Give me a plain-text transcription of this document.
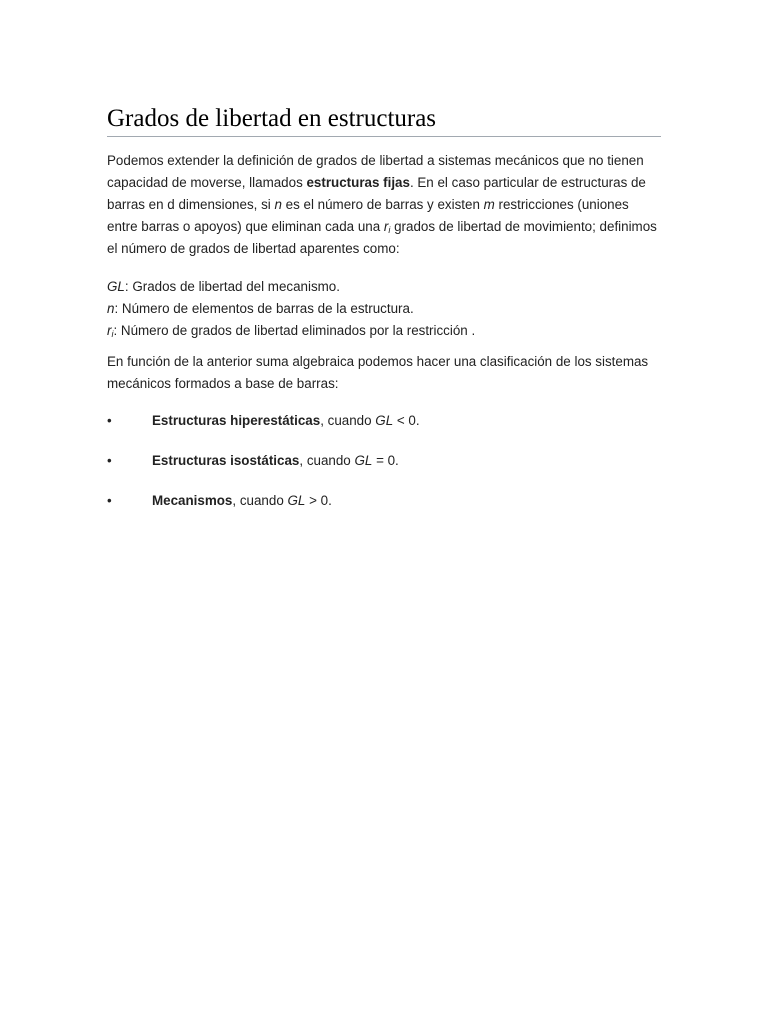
Grados de libertad en estructuras

Podemos extender la definición de grados de libertad a sistemas mecánicos que no tienen capacidad de moverse, llamados estructuras fijas. En el caso particular de estructuras de barras en d dimensiones, si n es el número de barras y existen m restricciones (uniones entre barras o apoyos) que eliminan cada una $r_i$ grados de libertad de movimiento; definimos el número de grados de libertad aparentes como:

GL: Grados de libertad del mecanismo.
n: Número de elementos de barras de la estructura.
$r_i$: Número de grados de libertad eliminados por la restricción .

En función de la anterior suma algebraica podemos hacer una clasificación de los sistemas mecánicos formados a base de barras:

•	Estructuras hiperestáticas, cuando GL < 0.
•	Estructuras isostáticas, cuando GL = 0.
•	Mecanismos, cuando GL > 0.
